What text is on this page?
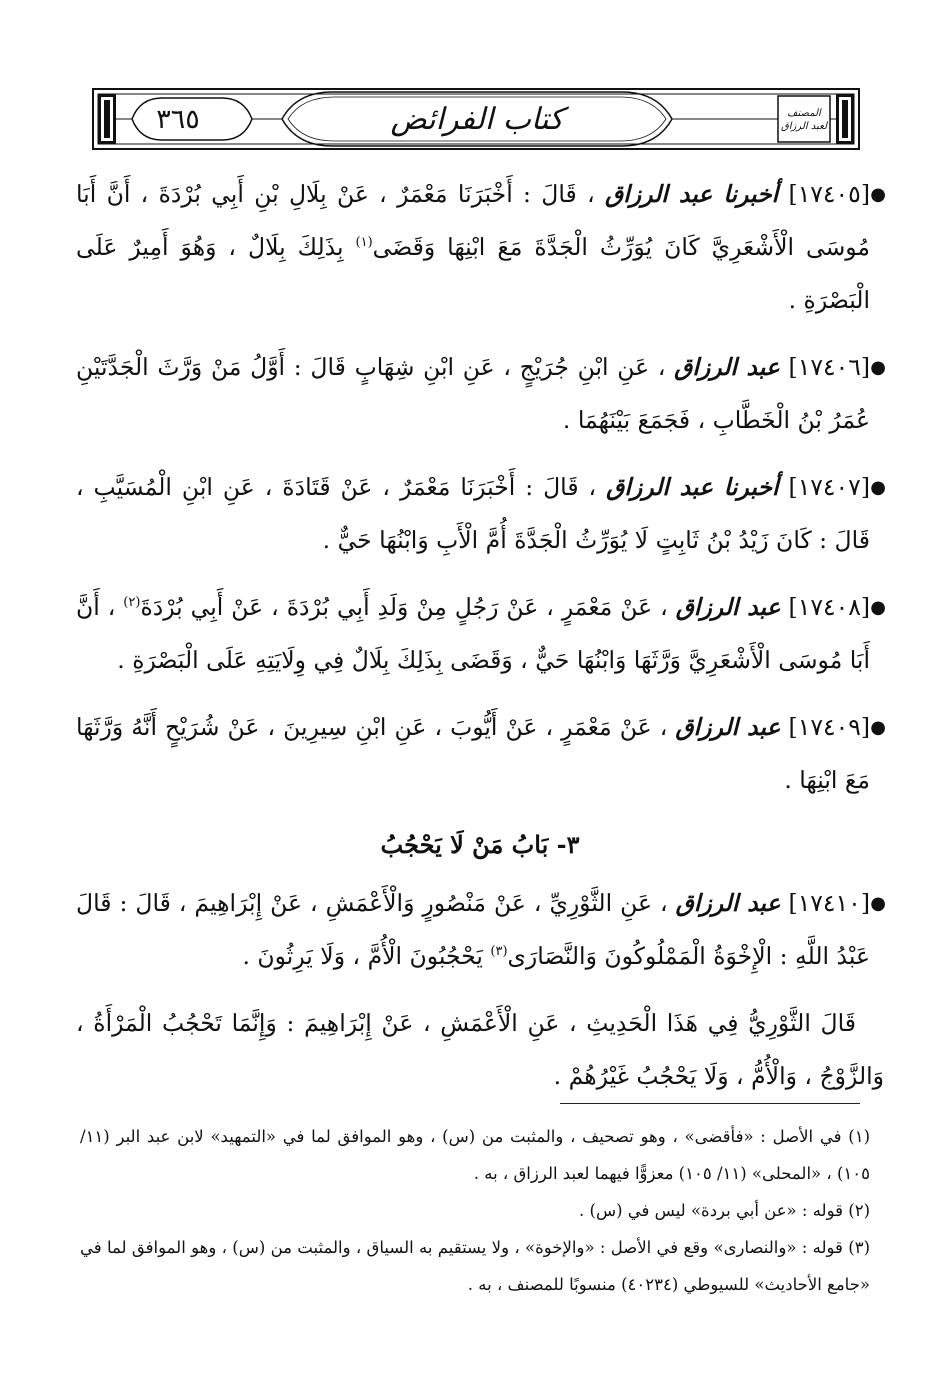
٣٦٥	كتاب الفرائض	المصنف
لعبد الرزاق

●
[١٧٤٠٥] أخبرنا عبد الرزاق ، قَالَ : أَخْبَرَنَا مَعْمَرٌ ، عَنْ بِلَالِ بْنِ أَبِي بُرْدَةَ ، أَنَّ أَبَا مُوسَى الْأَشْعَرِيَّ كَانَ يُوَرِّثُ الْجَدَّةَ مَعَ ابْنِهَا وَقَضَى$^{(١)}$ بِذَلِكَ بِلَالٌ ، وَهُوَ أَمِيرٌ عَلَى الْبَصْرَةِ .

●
[١٧٤٠٦] عبد الرزاق ، عَنِ ابْنِ جُرَيْجٍ ، عَنِ ابْنِ شِهَابٍ قَالَ : أَوَّلُ مَنْ وَرَّثَ الْجَدَّتَيْنِ عُمَرُ بْنُ الْخَطَّابِ ، فَجَمَعَ بَيْنَهُمَا .

●
[١٧٤٠٧] أخبرنا عبد الرزاق ، قَالَ : أَخْبَرَنَا مَعْمَرٌ ، عَنْ قَتَادَةَ ، عَنِ ابْنِ الْمُسَيَّبِ ، قَالَ : كَانَ زَيْدُ بْنُ ثَابِتٍ لَا يُوَرِّثُ الْجَدَّةَ أُمَّ الْأَبِ وَابْنُهَا حَيٌّ .

●
[١٧٤٠٨] عبد الرزاق ، عَنْ مَعْمَرٍ ، عَنْ رَجُلٍ مِنْ وَلَدِ أَبِي بُرْدَةَ ، عَنْ أَبِي بُرْدَةَ$^{(٢)}$ ، أَنَّ أَبَا مُوسَى الْأَشْعَرِيَّ وَرَّثَهَا وَابْنُهَا حَيٌّ ، وَقَضَى بِذَلِكَ بِلَالٌ فِي وِلَايَتِهِ عَلَى الْبَصْرَةِ .

●
[١٧٤٠٩] عبد الرزاق ، عَنْ مَعْمَرٍ ، عَنْ أَيُّوبَ ، عَنِ ابْنِ سِيرِينَ ، عَنْ شُرَيْحٍ أَنَّهُ وَرَّثَهَا مَعَ ابْنِهَا .

٣- بَابُ مَنْ لَا يَحْجُبُ

●
[١٧٤١٠] عبد الرزاق ، عَنِ الثَّوْرِيِّ ، عَنْ مَنْصُورٍ وَالْأَعْمَشِ ، عَنْ إِبْرَاهِيمَ ، قَالَ : قَالَ عَبْدُ اللَّهِ : الْإِخْوَةُ الْمَمْلُوكُونَ وَالنَّصَارَى$^{(٣)}$ يَحْجُبُونَ الْأُمَّ ، وَلَا يَرِثُونَ .

قَالَ الثَّوْرِيُّ فِي هَذَا الْحَدِيثِ ، عَنِ الْأَعْمَشِ ، عَنْ إِبْرَاهِيمَ : وَإِنَّمَا تَحْجُبُ الْمَرْأَةُ ، وَالزَّوْجُ ، وَالْأُمُّ ، وَلَا يَحْجُبُ غَيْرُهُمْ .

(١) في الأصل : «فأقضى» ، وهو تصحيف ، والمثبت من (س) ، وهو الموافق لما في «التمهيد» لابن عبد البر (١١/ ١٠٥) ، «المحلى» (١١/ ١٠٥) معزوًّا فيهما لعبد الرزاق ، به .

(٢) قوله : «عن أبي بردة» ليس في (س) .

(٣) قوله : «والنصارى» وقع في الأصل : «والإخوة» ، ولا يستقيم به السياق ، والمثبت من (س) ، وهو الموافق لما في «جامع الأحاديث» للسيوطي (٤٠٢٣٤) منسوبًا للمصنف ، به .
